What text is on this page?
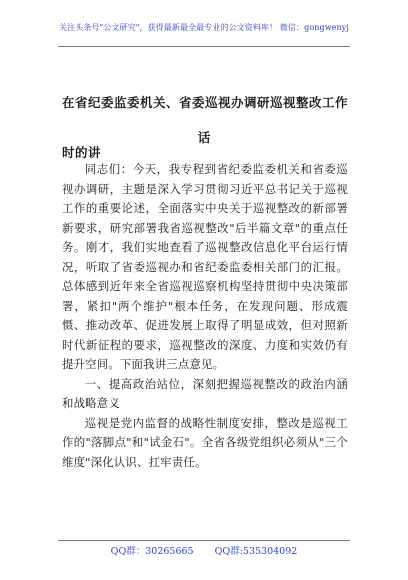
关注头条号"公文研究"，获得最新最全最专业的公文资料库！ 微信：gongwenyj
在省纪委监委机关、省委巡视办调研巡视整改工作时的讲
话

同志们：今天，我专程到省纪委监委机关和省委巡视办调研，主题是深入学习贯彻习近平总书记关于巡视工作的重要论述，全面落实中央关于巡视整改的新部署新要求，研究部署我省巡视整改"后半篇文章"的重点任务。刚才，我们实地查看了巡视整改信息化平台运行情况，听取了省委巡视办和省纪委监委相关部门的汇报。总体感到近年来全省巡视巡察机构坚持贯彻中央决策部署，紧扣"两个维护"根本任务，在发现问题、形成震慑、推动改革、促进发展上取得了明显成效，但对照新时代新征程的要求，巡视整改的深度、力度和实效仍有提升空间。下面我讲三点意见。

一、提高政治站位，深刻把握巡视整改的政治内涵和战略意义

巡视是党内监督的战略性制度安排，整改是巡视工作的"落脚点"和"试金石"。全省各级党组织必须从"三个维度"深化认识、扛牢责任。

QQ群：30265665 QQ群:535304092
